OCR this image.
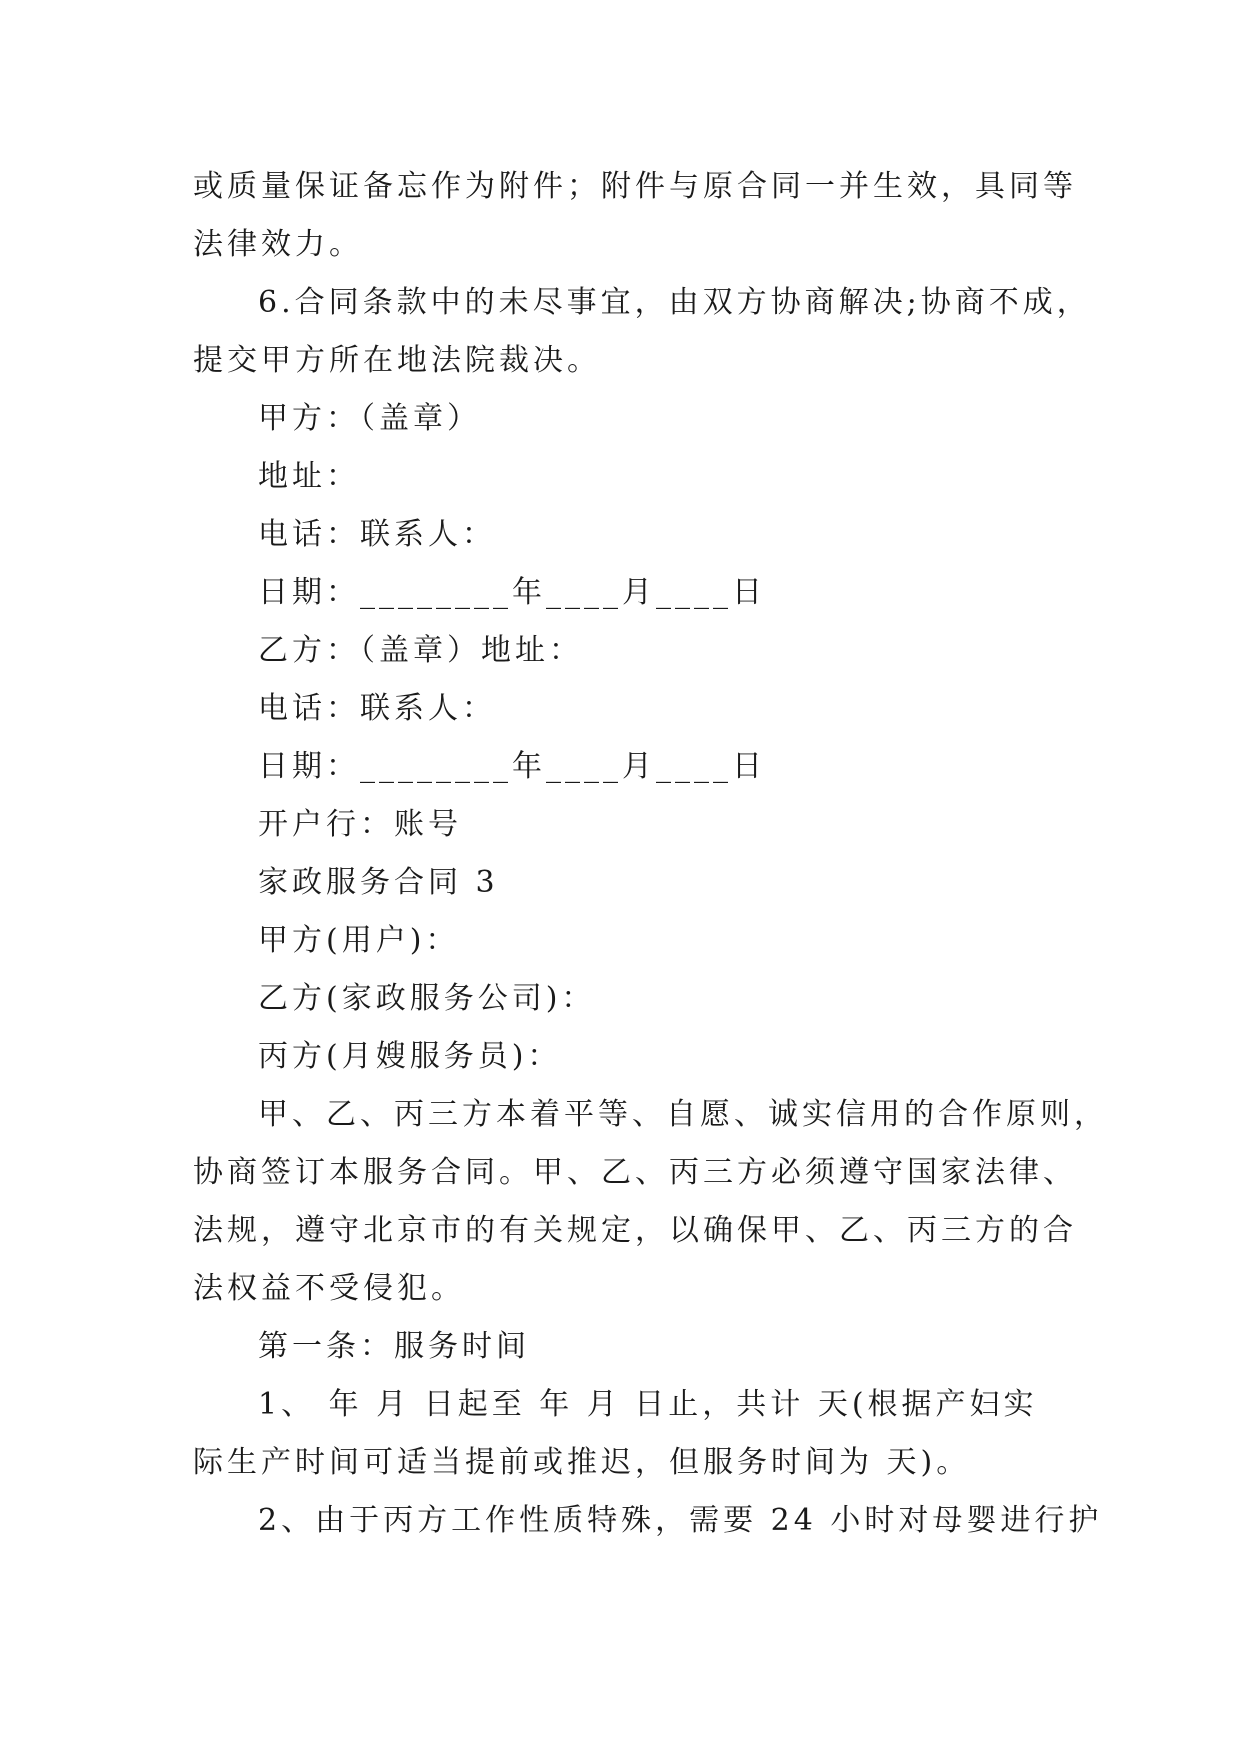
或质量保证备忘作为附件；附件与原合同一并生效，具同等
法律效力。
6.合同条款中的未尽事宜，由双方协商解决;协商不成，
提交甲方所在地法院裁决。
甲方：（盖章）
地址：
电话：联系人：
日期：________年____月____日
乙方：（盖章）地址：
电话：联系人：
日期：________年____月____日
开户行：账号
家政服务合同 3
甲方(用户)：
乙方(家政服务公司)：
丙方(月嫂服务员)：
甲、乙、丙三方本着平等、自愿、诚实信用的合作原则，
协商签订本服务合同。甲、乙、丙三方必须遵守国家法律、
法规，遵守北京市的有关规定，以确保甲、乙、丙三方的合
法权益不受侵犯。
第一条：服务时间
1、 年 月 日起至 年 月 日止，共计 天(根据产妇实
际生产时间可适当提前或推迟，但服务时间为 天)。
2、由于丙方工作性质特殊，需要 24 小时对母婴进行护
